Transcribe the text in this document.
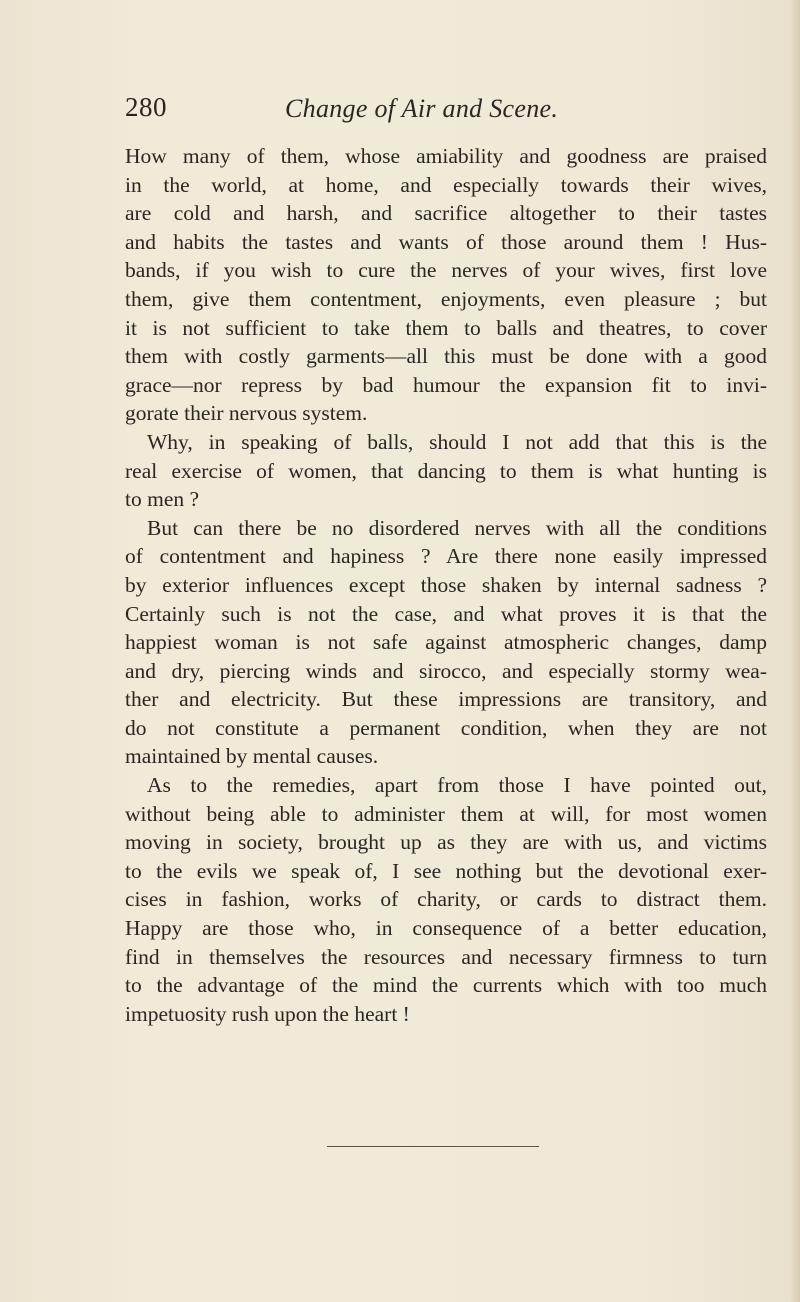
280	Change of Air and Scene.

How many of them, whose amiability and goodness are praised
in the world, at home, and especially towards their wives,
are cold and harsh, and sacrifice altogether to their tastes
and habits the tastes and wants of those around them ! Hus-
bands, if you wish to cure the nerves of your wives, first love
them, give them contentment, enjoyments, even pleasure ; but
it is not sufficient to take them to balls and theatres, to cover
them with costly garments—all this must be done with a good
grace—nor repress by bad humour the expansion fit to invi-
gorate their nervous system.

Why, in speaking of balls, should I not add that this is the
real exercise of women, that dancing to them is what hunting is
to men ?

But can there be no disordered nerves with all the conditions
of contentment and hapiness ? Are there none easily impressed
by exterior influences except those shaken by internal sadness ?
Certainly such is not the case, and what proves it is that the
happiest woman is not safe against atmospheric changes, damp
and dry, piercing winds and sirocco, and especially stormy wea-
ther and electricity. But these impressions are transitory, and
do not constitute a permanent condition, when they are not
maintained by mental causes.

As to the remedies, apart from those I have pointed out,
without being able to administer them at will, for most women
moving in society, brought up as they are with us, and victims
to the evils we speak of, I see nothing but the devotional exer-
cises in fashion, works of charity, or cards to distract them.
Happy are those who, in consequence of a better education,
find in themselves the resources and necessary firmness to turn
to the advantage of the mind the currents which with too much
impetuosity rush upon the heart !
